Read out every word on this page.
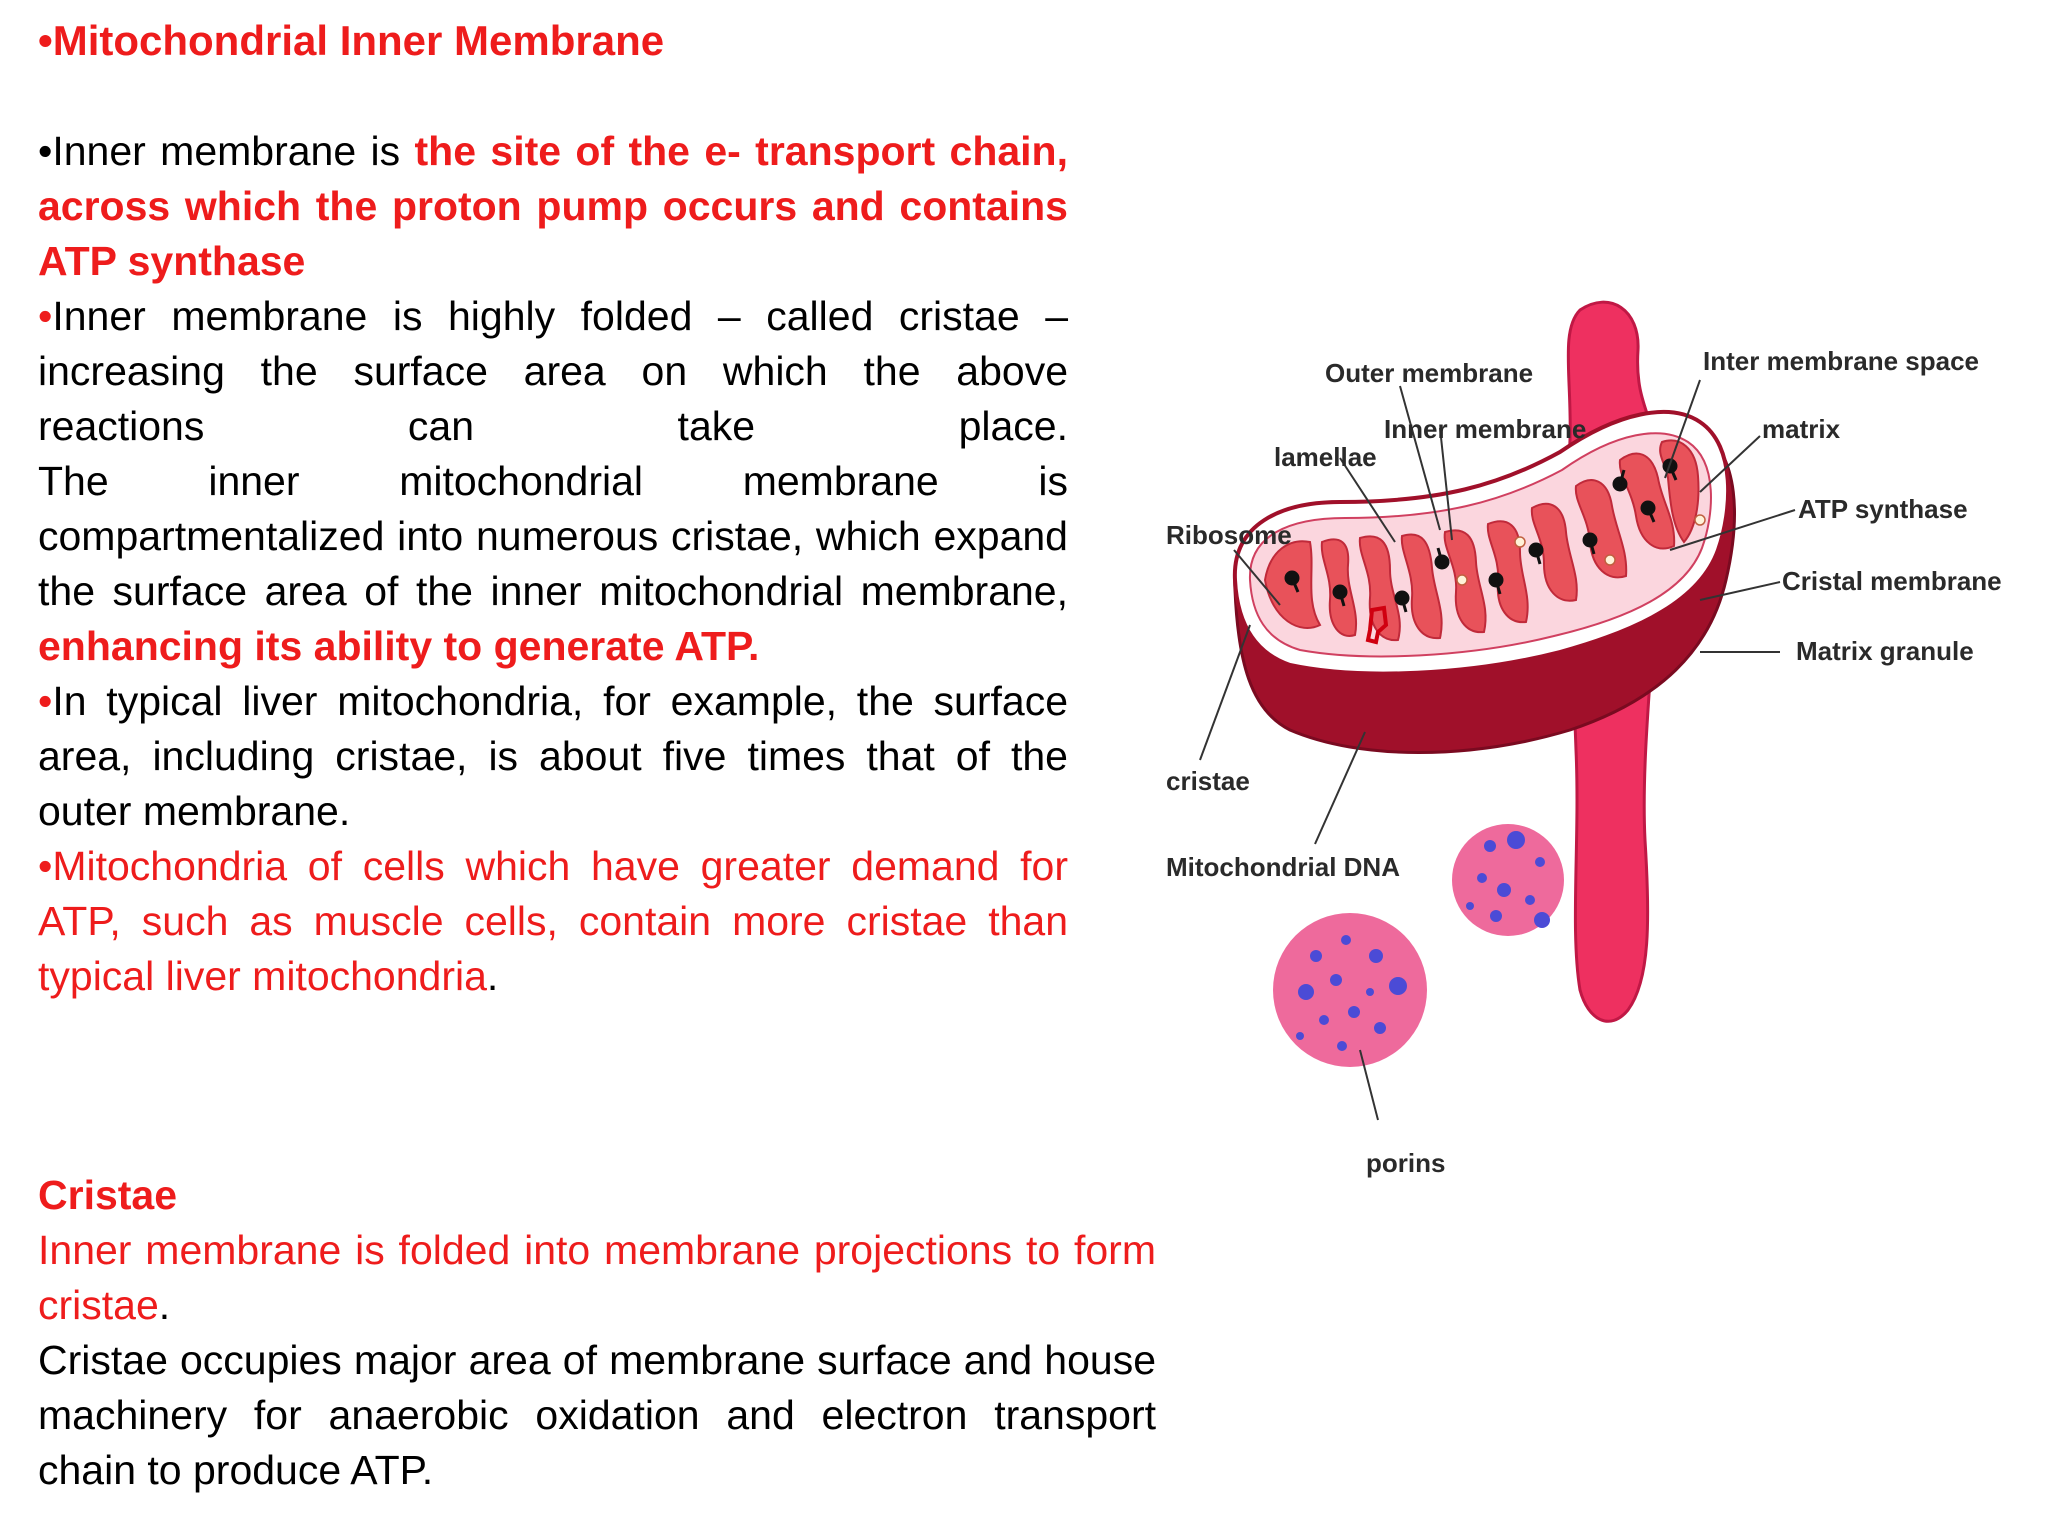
•Mitochondrial Inner Membrane

•Inner membrane is the site of the e- transport chain, across which the proton pump occurs and contains ATP synthase

•Inner membrane is highly folded – called cristae – increasing the surface area on which the above reactions can take place.

The inner mitochondrial membrane is compartmentalized into numerous cristae, which expand the surface area of the inner mitochondrial membrane, enhancing its ability to generate ATP.

•In typical liver mitochondria, for example, the surface area, including cristae, is about five times that of the outer membrane.

•Mitochondria of cells which have greater demand for ATP, such as muscle cells, contain more cristae than typical liver mitochondria.

Cristae

Inner membrane is folded into membrane projections to form cristae.

Cristae occupies major area of membrane surface and house machinery for anaerobic oxidation and electron transport chain to produce ATP.

Outer membrane
Inner membrane
Inter membrane space
matrix
lamellae
Ribosome
ATP synthase
Cristal membrane
Matrix granule
cristae
Mitochondrial DNA
porins
